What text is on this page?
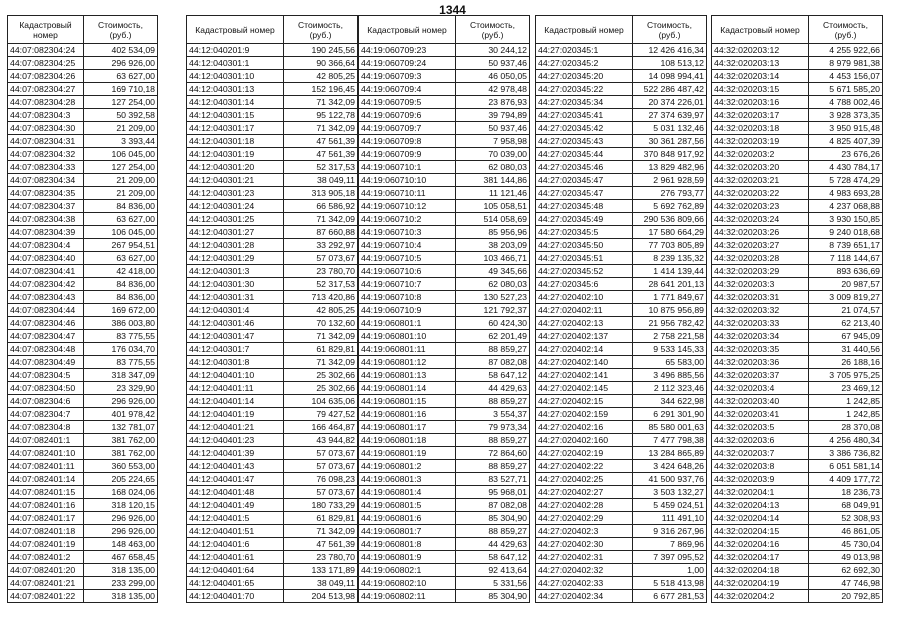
1344
Кадастровый номер	Стоимость, (руб.)
44:07:082304:24	402 534,09
44:07:082304:25	296 926,00
44:07:082304:26	63 627,00
44:07:082304:27	169 710,18
44:07:082304:28	127 254,00
44:07:082304:3	50 392,58
44:07:082304:30	21 209,00
44:07:082304:31	3 393,44
44:07:082304:32	106 045,00
44:07:082304:33	127 254,00
44:07:082304:34	21 209,00
44:07:082304:35	21 209,00
44:07:082304:37	84 836,00
44:07:082304:38	63 627,00
44:07:082304:39	106 045,00
44:07:082304:4	267 954,51
44:07:082304:40	63 627,00
44:07:082304:41	42 418,00
44:07:082304:42	84 836,00
44:07:082304:43	84 836,00
44:07:082304:44	169 672,00
44:07:082304:46	386 003,80
44:07:082304:47	83 775,55
44:07:082304:48	176 034,70
44:07:082304:49	83 775,55
44:07:082304:5	318 347,09
44:07:082304:50	23 329,90
44:07:082304:6	296 926,00
44:07:082304:7	401 978,42
44:07:082304:8	132 781,07
44:07:082401:1	381 762,00
44:07:082401:10	381 762,00
44:07:082401:11	360 553,00
44:07:082401:14	205 224,65
44:07:082401:15	168 024,06
44:07:082401:16	318 120,15
44:07:082401:17	296 926,00
44:07:082401:18	296 926,00
44:07:082401:19	148 463,00
44:07:082401:2	467 658,45
44:07:082401:20	318 135,00
44:07:082401:21	233 299,00
44:07:082401:22	318 135,00
Кадастровый номер	Стоимость, (руб.)
44:12:040201:9	190 245,56
44:12:040301:1	90 366,64
44:12:040301:10	42 805,25
44:12:040301:13	152 196,45
44:12:040301:14	71 342,09
44:12:040301:15	95 122,78
44:12:040301:17	71 342,09
44:12:040301:18	47 561,39
44:12:040301:19	47 561,39
44:12:040301:20	52 317,53
44:12:040301:21	38 049,11
44:12:040301:23	313 905,18
44:12:040301:24	66 586,92
44:12:040301:25	71 342,09
44:12:040301:27	87 660,88
44:12:040301:28	33 292,97
44:12:040301:29	57 073,67
44:12:040301:3	23 780,70
44:12:040301:30	52 317,53
44:12:040301:31	713 420,86
44:12:040301:4	42 805,25
44:12:040301:46	70 132,60
44:12:040301:47	71 342,09
44:12:040301:7	61 829,81
44:12:040301:8	71 342,09
44:12:040401:10	25 302,66
44:12:040401:11	25 302,66
44:12:040401:14	104 635,06
44:12:040401:19	79 427,52
44:12:040401:21	166 464,87
44:12:040401:23	43 944,82
44:12:040401:39	57 073,67
44:12:040401:43	57 073,67
44:12:040401:47	76 098,23
44:12:040401:48	57 073,67
44:12:040401:49	180 733,29
44:12:040401:5	61 829,81
44:12:040401:51	71 342,09
44:12:040401:6	47 561,39
44:12:040401:61	23 780,70
44:12:040401:64	133 171,89
44:12:040401:65	38 049,11
44:12:040401:70	204 513,98
Кадастровый номер	Стоимость, (руб.)
44:19:060709:23	30 244,12
44:19:060709:24	50 937,46
44:19:060709:3	46 050,05
44:19:060709:4	42 978,48
44:19:060709:5	23 876,93
44:19:060709:6	39 794,89
44:19:060709:7	50 937,46
44:19:060709:8	7 958,98
44:19:060709:9	70 039,00
44:19:060710:1	62 080,03
44:19:060710:10	381 144,86
44:19:060710:11	11 121,46
44:19:060710:12	105 058,51
44:19:060710:2	514 058,69
44:19:060710:3	85 956,96
44:19:060710:4	38 203,09
44:19:060710:5	103 466,71
44:19:060710:6	49 345,66
44:19:060710:7	62 080,03
44:19:060710:8	130 527,23
44:19:060710:9	121 792,37
44:19:060801:1	60 424,30
44:19:060801:10	62 201,49
44:19:060801:11	88 859,27
44:19:060801:12	87 082,08
44:19:060801:13	58 647,12
44:19:060801:14	44 429,63
44:19:060801:15	88 859,27
44:19:060801:16	3 554,37
44:19:060801:17	79 973,34
44:19:060801:18	88 859,27
44:19:060801:19	72 864,60
44:19:060801:2	88 859,27
44:19:060801:3	83 527,71
44:19:060801:4	95 968,01
44:19:060801:5	87 082,08
44:19:060801:6	85 304,90
44:19:060801:7	88 859,27
44:19:060801:8	44 429,63
44:19:060801:9	58 647,12
44:19:060802:1	92 413,64
44:19:060802:10	5 331,56
44:19:060802:11	85 304,90
Кадастровый номер	Стоимость, (руб.)
44:27:020345:1	12 426 416,34
44:27:020345:2	108 513,12
44:27:020345:20	14 098 994,41
44:27:020345:22	522 286 487,42
44:27:020345:34	20 374 226,01
44:27:020345:41	27 374 639,97
44:27:020345:42	5 031 132,46
44:27:020345:43	30 361 287,56
44:27:020345:44	370 848 917,92
44:27:020345:46	13 829 482,96
44:27:020345:47	2 961 928,59
44:27:020345:47	276 793,77
44:27:020345:48	5 692 762,89
44:27:020345:49	290 536 809,66
44:27:020345:5	17 580 664,29
44:27:020345:50	77 703 805,89
44:27:020345:51	8 239 135,32
44:27:020345:52	1 414 139,44
44:27:020345:6	28 641 201,13
44:27:020402:10	1 771 849,67
44:27:020402:11	10 875 956,89
44:27:020402:13	21 956 782,42
44:27:020402:137	2 758 221,58
44:27:020402:14	9 533 145,33
44:27:020402:140	65 583,00
44:27:020402:141	3 496 885,56
44:27:020402:145	2 112 323,46
44:27:020402:15	344 622,98
44:27:020402:159	6 291 301,90
44:27:020402:16	85 580 001,63
44:27:020402:160	7 477 798,38
44:27:020402:19	13 284 865,89
44:27:020402:22	3 424 648,26
44:27:020402:25	41 500 937,76
44:27:020402:27	3 503 132,27
44:27:020402:28	5 459 024,51
44:27:020402:29	111 491,10
44:27:020402:3	9 316 267,96
44:27:020402:30	7 869,96
44:27:020402:31	7 397 095,52
44:27:020402:32	1,00
44:27:020402:33	5 518 413,98
44:27:020402:34	6 677 281,53
Кадастровый номер	Стоимость, (руб.)
44:32:020203:12	4 255 922,66
44:32:020203:13	8 979 981,38
44:32:020203:14	4 453 156,07
44:32:020203:15	5 671 585,20
44:32:020203:16	4 788 002,46
44:32:020203:17	3 928 373,35
44:32:020203:18	3 950 915,48
44:32:020203:19	4 825 407,39
44:32:020203:2	23 676,26
44:32:020203:20	4 430 784,17
44:32:020203:21	5 728 474,29
44:32:020203:22	4 983 693,28
44:32:020203:23	4 237 068,88
44:32:020203:24	3 930 150,85
44:32:020203:26	9 240 018,68
44:32:020203:27	8 739 651,17
44:32:020203:28	7 118 144,67
44:32:020203:29	893 636,69
44:32:020203:3	20 987,57
44:32:020203:31	3 009 819,27
44:32:020203:32	21 074,57
44:32:020203:33	62 213,40
44:32:020203:34	67 945,09
44:32:020203:35	31 440,56
44:32:020203:36	26 188,16
44:32:020203:37	3 705 975,25
44:32:020203:4	23 469,12
44:32:020203:40	1 242,85
44:32:020203:41	1 242,85
44:32:020203:5	28 370,08
44:32:020203:6	4 256 480,34
44:32:020203:7	3 386 736,82
44:32:020203:8	6 051 581,14
44:32:020203:9	4 409 177,72
44:32:020204:1	18 236,73
44:32:020204:13	68 049,91
44:32:020204:14	52 308,93
44:32:020204:15	46 861,05
44:32:020204:16	45 730,04
44:32:020204:17	49 013,98
44:32:020204:18	62 692,30
44:32:020204:19	47 746,98
44:32:020204:2	20 792,85
